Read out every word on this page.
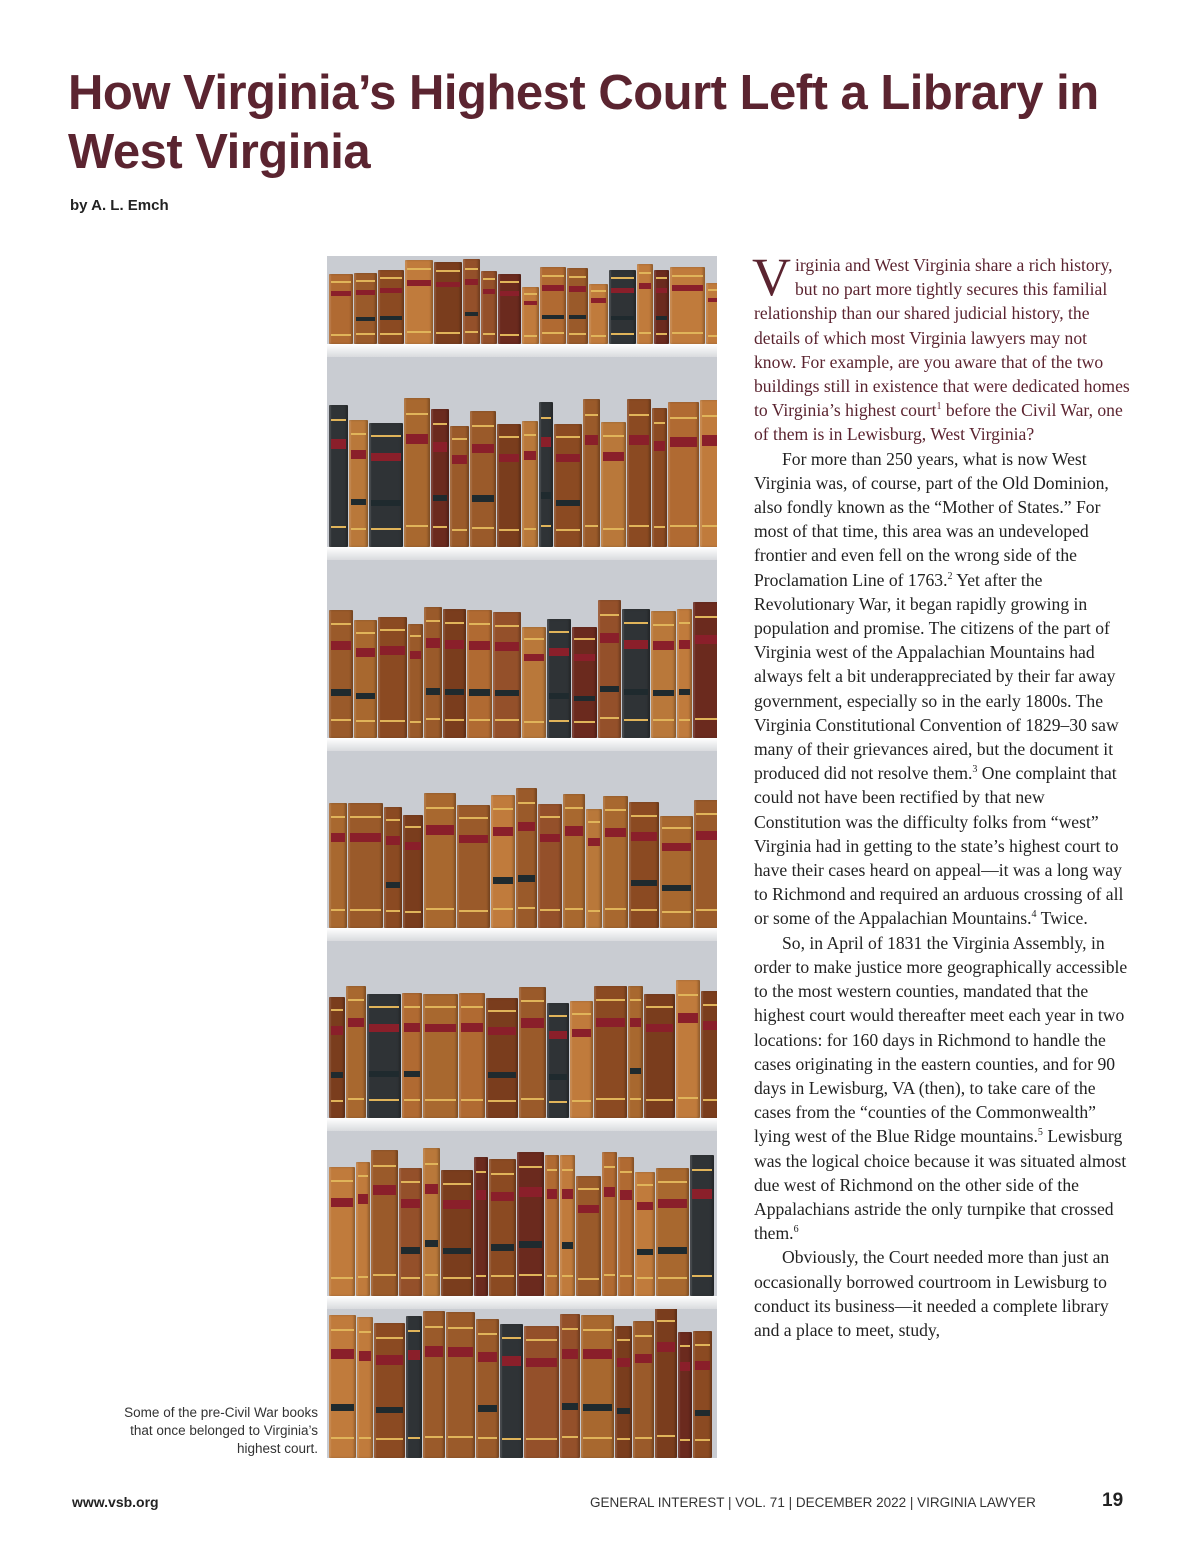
How Virginia’s Highest Court Left a Library in West Virginia

by A. L. Emch

Some of the pre-Civil War books that once belonged to Virginia’s highest court.

V irginia and West Virginia share a rich history, but no part more tightly secures this familial relationship than our shared judicial history, the details of which most Virginia lawyers may not know. For example, are you aware that of the two buildings still in existence that were dedicated homes to Virginia’s highest court$^1$ before the Civil War, one of them is in Lewisburg, West Virginia?

For more than 250 years, what is now West Virginia was, of course, part of the Old Dominion, also fondly known as the “Mother of States.” For most of that time, this area was an undeveloped frontier and even fell on the wrong side of the Proclamation Line of 1763.$^2$ Yet after the Revolutionary War, it began rapidly growing in population and promise. The citizens of the part of Virginia west of the Appalachian Mountains had always felt a bit underappreciated by their far away government, especially so in the early 1800s. The Virginia Constitutional Convention of 1829–30 saw many of their grievances aired, but the document it produced did not resolve them.$^3$ One complaint that could not have been rectified by that new Constitution was the difficulty folks from “west” Virginia had in getting to the state’s highest court to have their cases heard on appeal—it was a long way to Richmond and required an arduous crossing of all or some of the Appalachian Mountains.$^4$ Twice.

So, in April of 1831 the Virginia Assembly, in order to make justice more geographically accessible to the most western counties, mandated that the highest court would thereafter meet each year in two locations: for 160 days in Richmond to handle the cases originating in the eastern counties, and for 90 days in Lewisburg, VA (then), to take care of the cases from the “counties of the Commonwealth” lying west of the Blue Ridge mountains.$^5$ Lewisburg was the logical choice because it was situated almost due west of Richmond on the other side of the Appalachians astride the only turnpike that crossed them.$^6$

Obviously, the Court needed more than just an occasionally borrowed courtroom in Lewisburg to conduct its business—it needed a complete library and a place to meet, study,

www.vsb.org	GENERAL INTEREST | VOL. 71 | DECEMBER 2022 | VIRGINIA LAWYER	19
